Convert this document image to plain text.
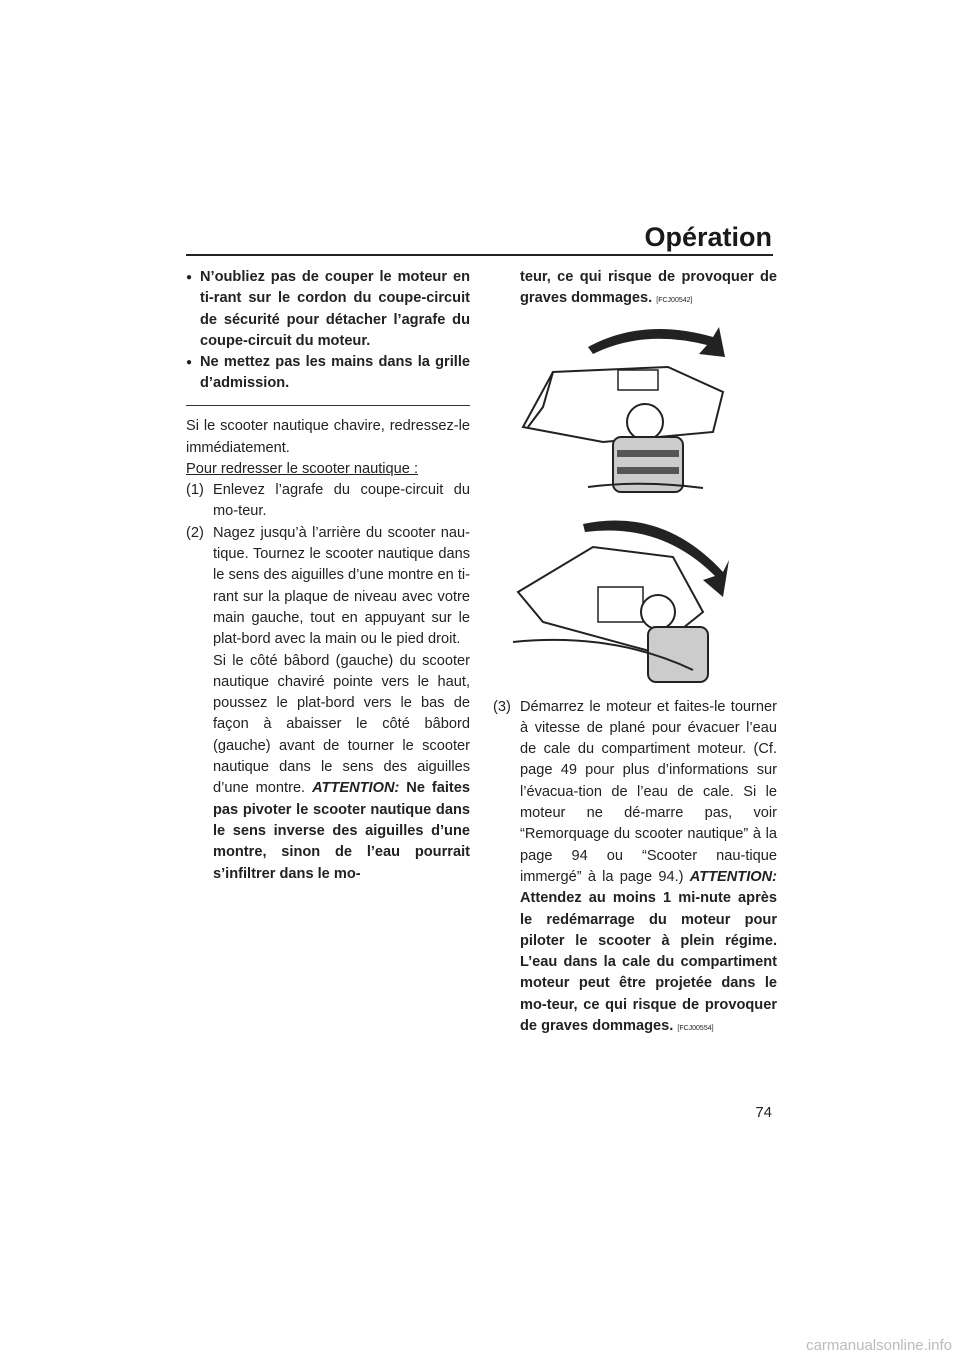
Opération
● N’oubliez pas de couper le moteur en ti-rant sur le cordon du coupe-circuit de sécurité pour détacher l’agrafe du coupe-circuit du moteur.
● Ne mettez pas les mains dans la grille d’admission.

Si le scooter nautique chavire, redressez-le immédiatement.

Pour redresser le scooter nautique :

(1) Enlevez l’agrafe du coupe-circuit du mo-teur.
(2) Nagez jusqu’à l’arrière du scooter nau-tique. Tournez le scooter nautique dans le sens des aiguilles d’une montre en ti-rant sur la plaque de niveau avec votre main gauche, tout en appuyant sur le plat-bord avec la main ou le pied droit.

Si le côté bâbord (gauche) du scooter nautique chaviré pointe vers le haut, poussez le plat-bord vers le bas de façon à abaisser le côté bâbord (gauche) avant de tourner le scooter nautique dans le sens des aiguilles d’une montre. ATTENTION: Ne faites pas pivoter le scooter nautique dans le sens inverse des aiguilles d’une montre, sinon de l’eau pourrait s’infiltrer dans le mo-

teur, ce qui risque de provoquer de graves dommages. [FCJ00542]

(3) Démarrez le moteur et faites-le tourner à vitesse de plané pour évacuer l’eau de cale du compartiment moteur. (Cf. page 49 pour plus d’informations sur l’évacua-tion de l’eau de cale. Si le moteur ne dé-marre pas, voir “Remorquage du scooter nautique” à la page 94 ou “Scooter nau-tique immergé” à la page 94.) ATTENTION: Attendez au moins 1 mi-nute après le redémarrage du moteur pour piloter le scooter à plein régime. L’eau dans la cale du compartiment moteur peut être projetée dans le mo-teur, ce qui risque de provoquer de graves dommages. [FCJ00554]
74
carmanualsonline.info
